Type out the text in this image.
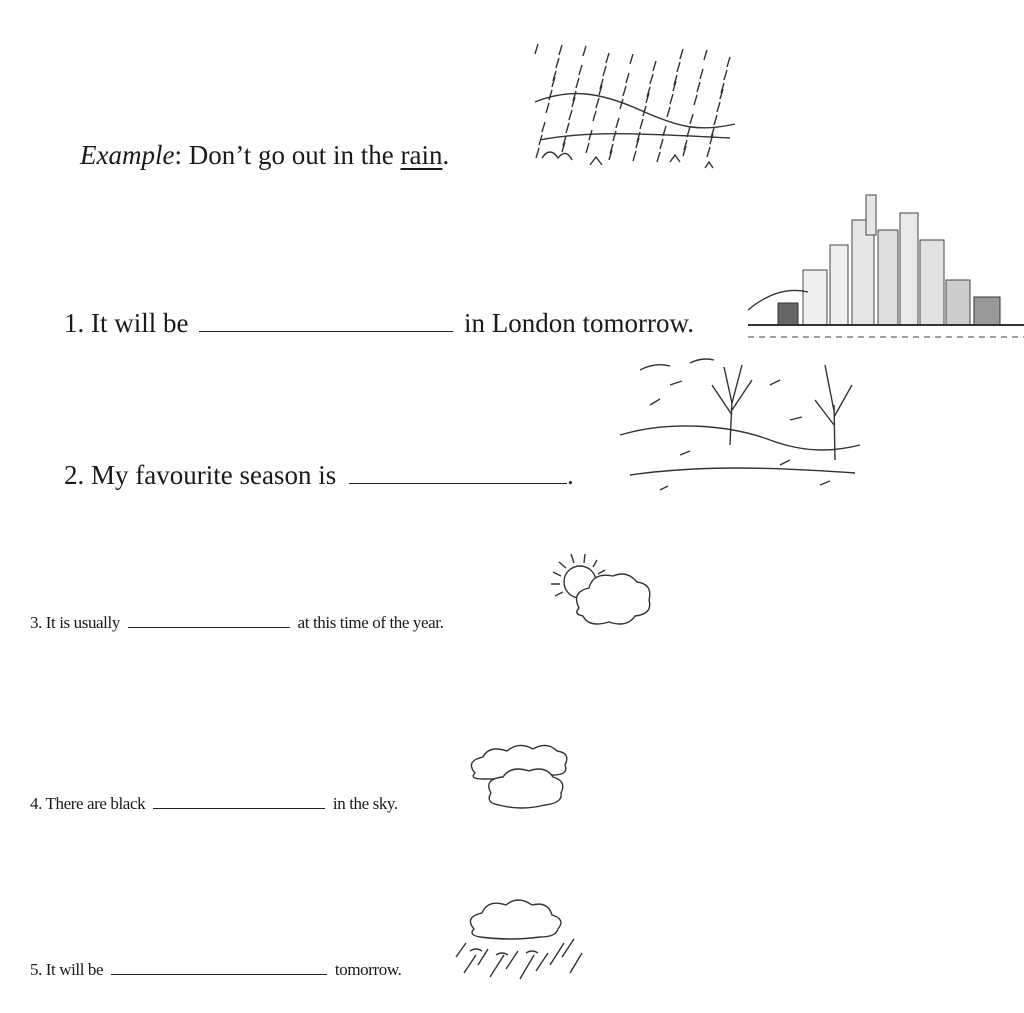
Example: Don’t go out in the rain.
1. It will be	in London tomorrow.
2. My favourite season is	.
3. It is usually	at this time of the year.
4. There are black	in the sky.
5. It will be	tomorrow.
